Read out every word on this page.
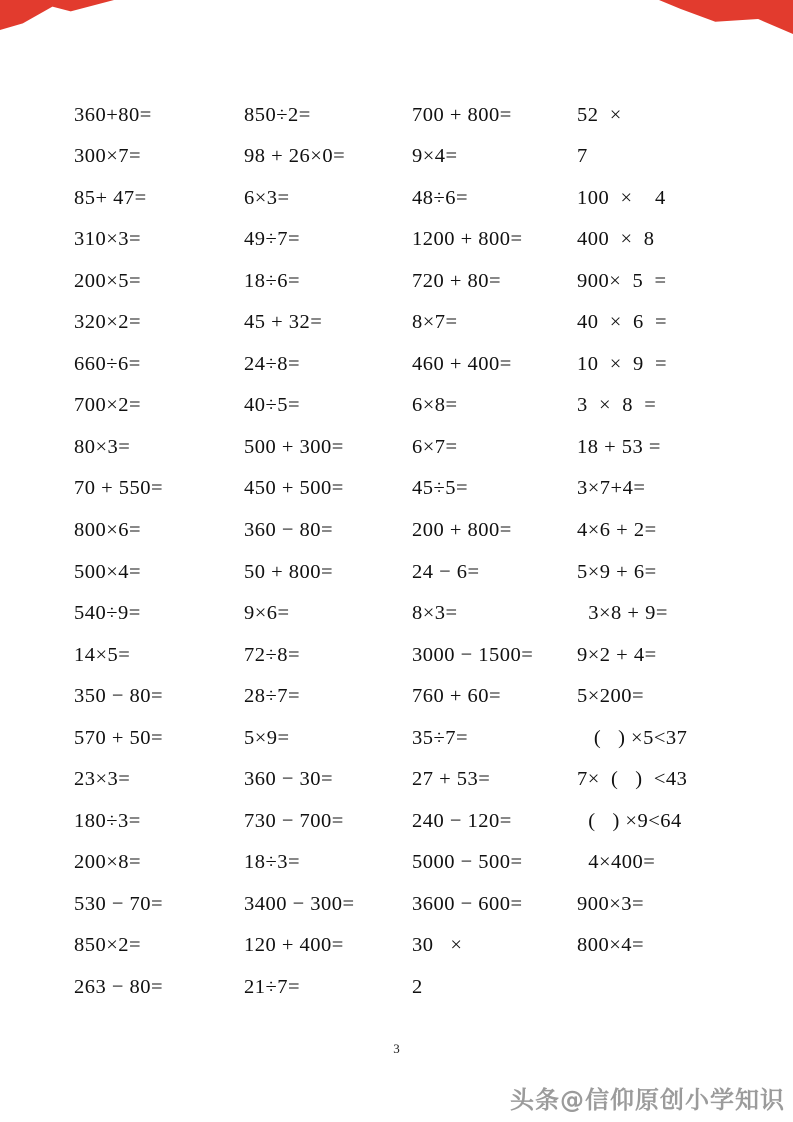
360+80=	850÷2=	700 + 800=	52  ×
300×7=	98 + 26×0=	9×4=	7
85+ 47=	6×3=	48÷6=	100  ×    4
310×3=	49÷7=	1200 + 800=	400  ×  8
200×5=	18÷6=	720 + 80=	900×  5  =
320×2=	45 + 32=	8×7=	40  ×  6  =
660÷6=	24÷8=	460 + 400=	10  ×  9  =
700×2=	40÷5=	6×8=	3  ×  8  =
80×3=	500 + 300=	6×7=	18 + 53 =
70 + 550=	450 + 500=	45÷5=	3×7+4=
800×6=	360 − 80=	200 + 800=	4×6 + 2=
500×4=	50 + 800=	24 − 6=	5×9 + 6=
540÷9=	9×6=	8×3=	3×8 + 9=
14×5=	72÷8=	3000 − 1500=	9×2 + 4=
350 − 80=	28÷7=	760 + 60=	5×200=
570 + 50=	5×9=	35÷7=	(   ) ×5<37
23×3=	360 − 30=	27 + 53=	7×  (   )  <43
180÷3=	730 − 700=	240 − 120=	(   ) ×9<64
200×8=	18÷3=	5000 − 500=	4×400=
530 − 70=	3400 − 300=	3600 − 600=	900×3=
850×2=	120 + 400=	30   ×	800×4=
263 − 80=	21÷7=	2
3
头条@信仰原创小学知识
